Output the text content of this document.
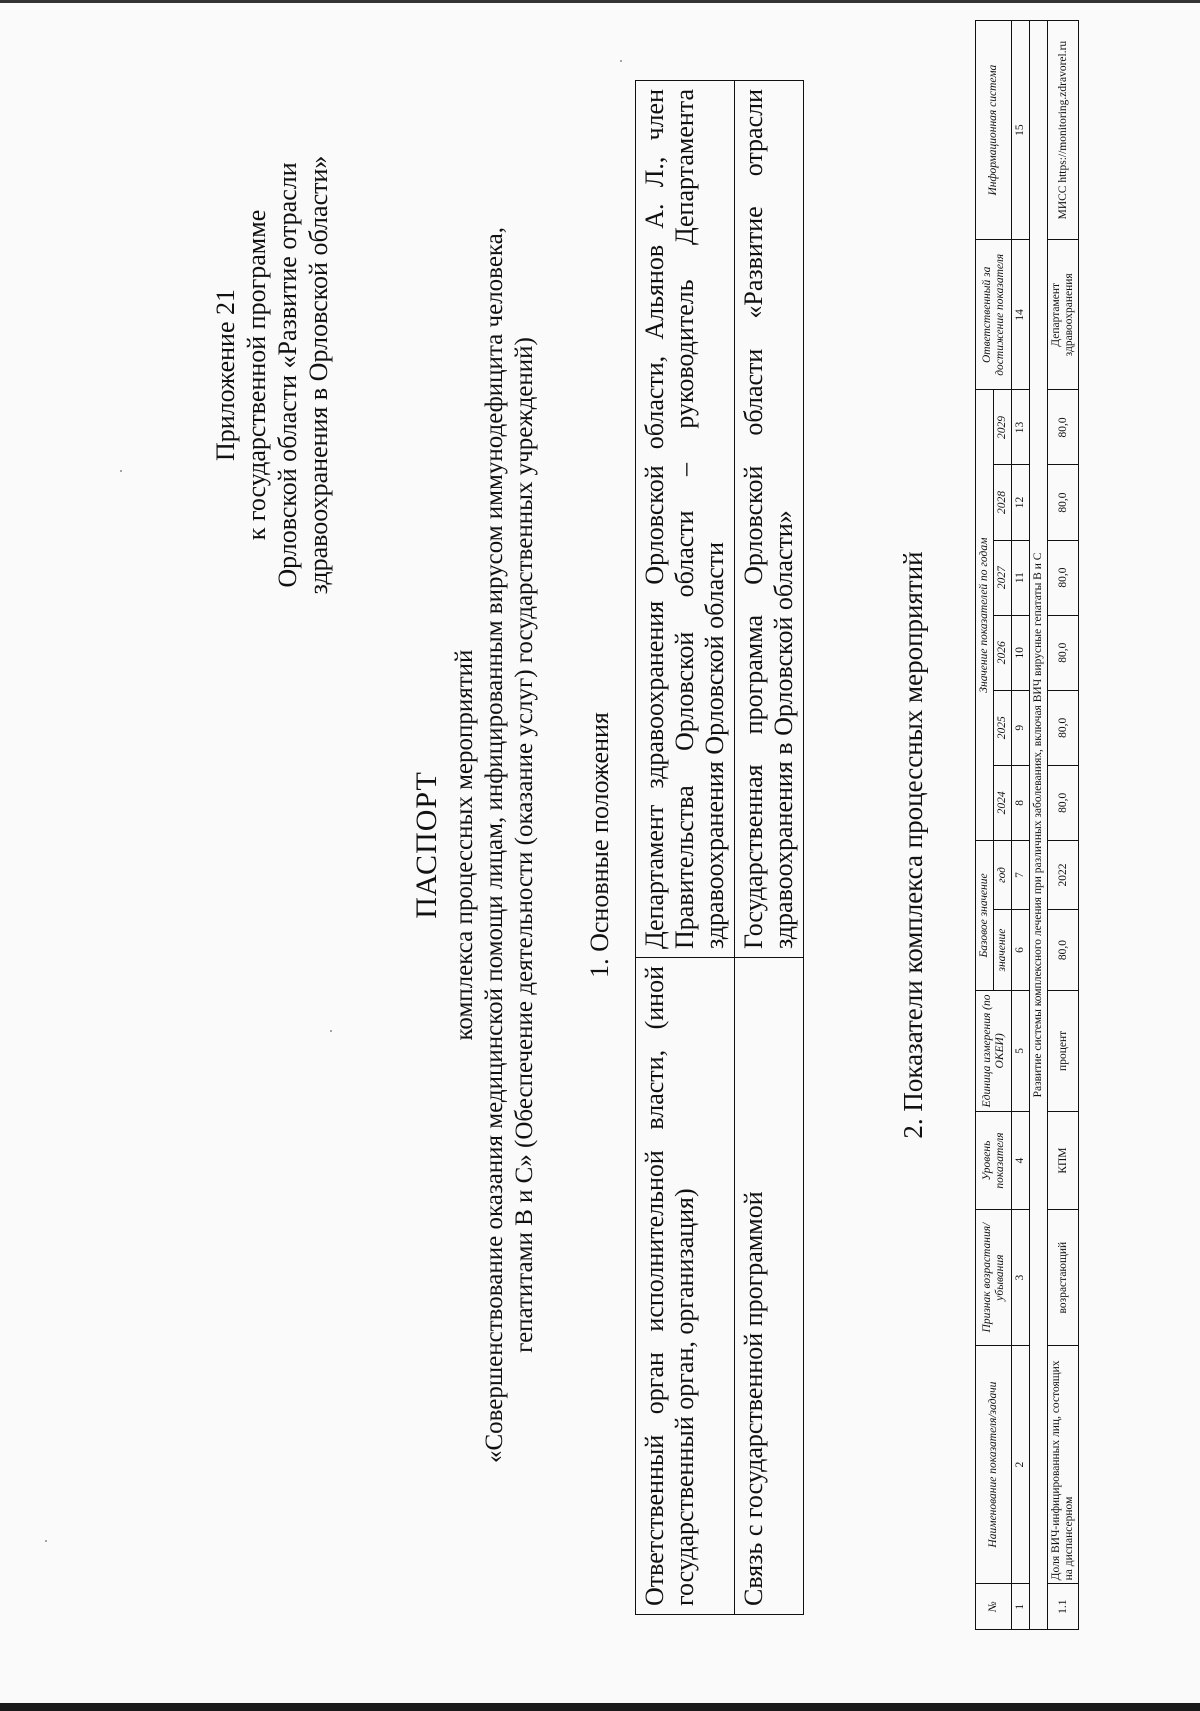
Приложение 21 к государственной программе Орловской области «Развитие отрасли здравоохранения в Орловской области»
ПАСПОРТ комплекса процессных мероприятий «Совершенствование оказания медицинской помощи лицам, инфицированным вирусом иммунодефицита человека, гепатитами В и С» (Обеспечение деятельности (оказание услуг) государственных учреждений) 1. Основные положения
Ответственный орган исполнительной власти, (иной государственный орган, организация)	Департамент здравоохранения Орловской области, Альянов А. Л., член Правительства Орловской области – руководитель Департамента здравоохранения Орловской области
Связь с государственной программой	Государственная программа Орловской области «Развитие отрасли здравоохранения в Орловской области»	2. Показатели комплекса процессных мероприятий
№	Наименование показателя/задачи	Признак возрастания/ убывания	Уровень показателя	Единица измерения (по ОКЕИ)	Базовое значение		Значение показателей по годам						Ответственный за достижение показателя	Информационная система
					значение	год	2024	2025	2026	2027	2028	2029		
1	2	3	4	5	6	7	8	9	10	11	12	13	14	15
Развитие системы комплексного лечения при различных заболеваниях, включая ВИЧ вирусные гепататы В и С														
1.1	Доля ВИЧ-инфицированных лиц, состоящих на диспансерном	возрастающий	КПМ	процент	80,0	2022	80,0	80,0	80,0	80,0	80,0	80,0	Департамент здравоохранения	МИСС https://monitoring.zdravorel.ru
